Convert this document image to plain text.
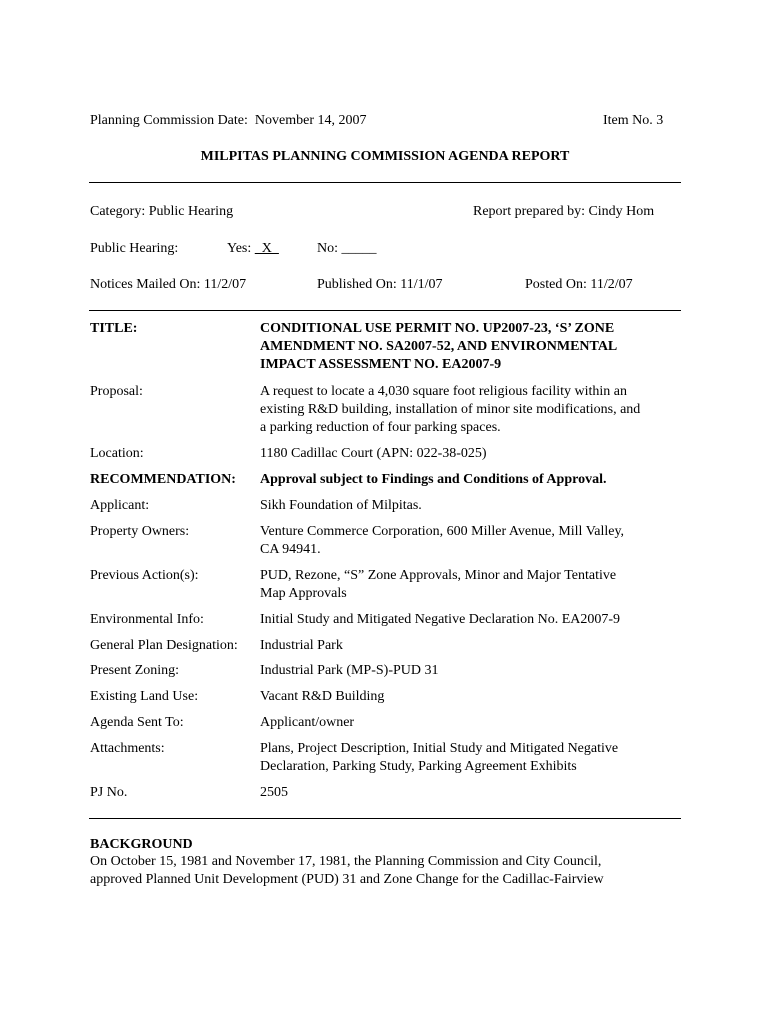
Planning Commission Date: November 14, 2007	Item No. 3
MILPITAS PLANNING COMMISSION AGENDA REPORT
Category: Public Hearing	Report prepared by: Cindy Hom
Public Hearing:	Yes:   X	No: _____
Notices Mailed On: 11/2/07	Published On: 11/1/07	Posted On: 11/2/07
TITLE:	CONDITIONAL USE PERMIT NO. UP2007-23, ‘S’ ZONE
AMENDMENT NO. SA2007-52, AND ENVIRONMENTAL
IMPACT ASSESSMENT NO. EA2007-9
Proposal:	A request to locate a 4,030 square foot religious facility within an
existing R&D building, installation of minor site modifications, and
a parking reduction of four parking spaces.
Location:	1180 Cadillac Court (APN: 022-38-025)
RECOMMENDATION: Approval subject to Findings and Conditions of Approval.
Applicant:	Sikh Foundation of Milpitas.
Property Owners:	Venture Commerce Corporation, 600 Miller Avenue, Mill Valley,
CA 94941.
Previous Action(s):	PUD, Rezone, “S” Zone Approvals, Minor and Major Tentative
Map Approvals
Environmental Info:	Initial Study and Mitigated Negative Declaration No. EA2007-9
General Plan Designation: Industrial Park
Present Zoning:	Industrial Park (MP-S)-PUD 31
Existing Land Use:	Vacant R&D Building
Agenda Sent To:	Applicant/owner
Attachments:	Plans, Project Description, Initial Study and Mitigated Negative
Declaration, Parking Study, Parking Agreement Exhibits
PJ No.	2505
BACKGROUND
On October 15, 1981 and November 17, 1981, the Planning Commission and City Council,
approved Planned Unit Development (PUD) 31 and Zone Change for the Cadillac-Fairview
